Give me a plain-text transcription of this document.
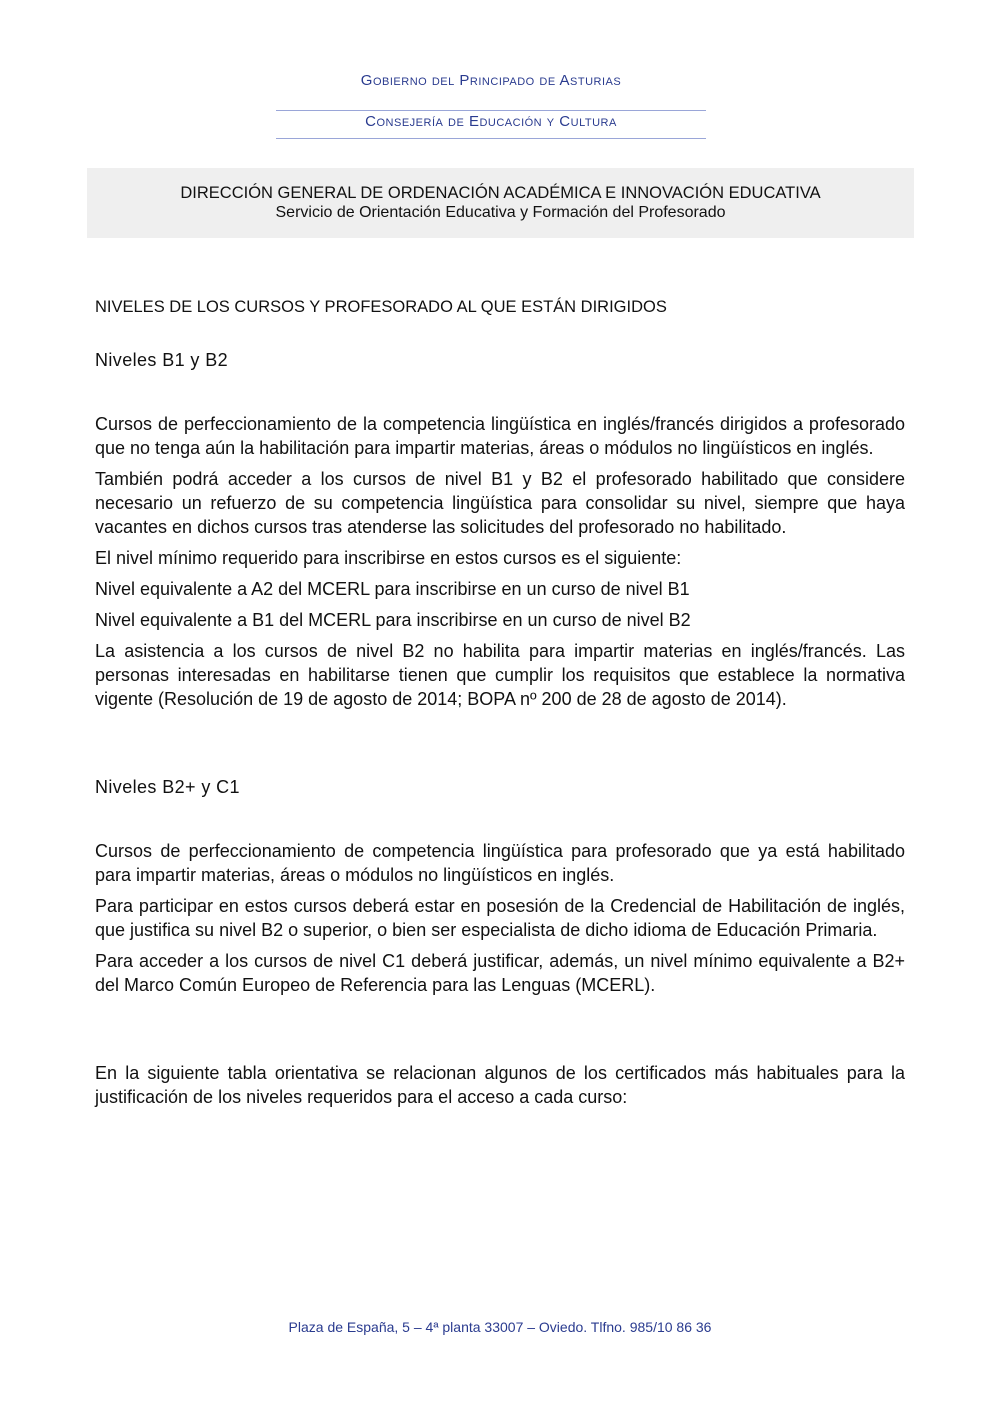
Gobierno del Principado de Asturias
Consejería de Educación y Cultura
DIRECCIÓN GENERAL DE ORDENACIÓN ACADÉMICA E INNOVACIÓN EDUCATIVA
Servicio de Orientación Educativa y Formación del Profesorado
NIVELES DE LOS CURSOS Y PROFESORADO AL QUE ESTÁN DIRIGIDOS
Niveles B1 y B2

Cursos de perfeccionamiento de la competencia lingüística en inglés/francés dirigidos a profesorado que no tenga aún la habilitación para impartir materias, áreas o módulos no lingüísticos en inglés.

También podrá acceder a los cursos de nivel B1 y B2 el profesorado habilitado que considere necesario un refuerzo de su competencia lingüística para consolidar su nivel, siempre que haya vacantes en dichos cursos tras atenderse las solicitudes del profesorado no habilitado.

El nivel mínimo requerido para inscribirse en estos cursos es el siguiente:

Nivel equivalente a A2 del MCERL para inscribirse en un curso de nivel B1

Nivel equivalente a B1 del MCERL para inscribirse en un curso de nivel B2

La asistencia a los cursos de nivel B2 no habilita para impartir materias en inglés/francés. Las personas interesadas en habilitarse tienen que cumplir los requisitos que establece la normativa vigente (Resolución de 19 de agosto de 2014; BOPA nº 200 de 28 de agosto de 2014).

Niveles B2+ y C1

Cursos de perfeccionamiento de competencia lingüística para profesorado que ya está habilitado para impartir materias, áreas o módulos no lingüísticos en inglés.

Para participar en estos cursos deberá estar en posesión de la Credencial de Habilitación de inglés, que justifica su nivel B2 o superior, o bien ser especialista de dicho idioma de Educación Primaria.

Para acceder a los cursos de nivel C1 deberá justificar, además, un nivel mínimo equivalente a B2+ del Marco Común Europeo de Referencia para las Lenguas (MCERL).

En la siguiente tabla orientativa se relacionan algunos de los certificados más habituales para la justificación de los niveles requeridos para el acceso a cada curso:

Plaza de España, 5 – 4ª planta 33007 – Oviedo. Tlfno. 985/10 86 36
